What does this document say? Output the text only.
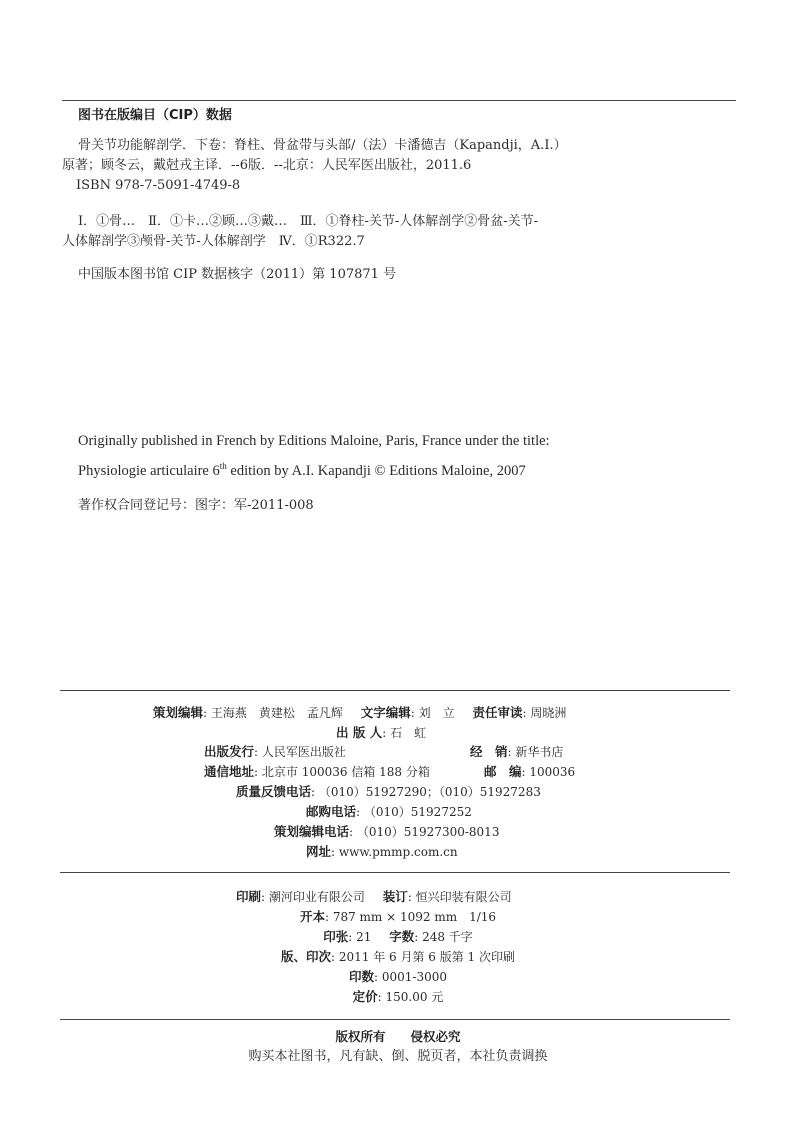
图书在版编目（CIP）数据
骨关节功能解剖学．下卷：脊柱、骨盆带与头部/（法）卡潘德吉（Kapandji，A.I.）
原著；顾冬云，戴尅戎主译．--6版．--北京：人民军医出版社，2011.6
ISBN 978-7-5091-4749-8
Ⅰ．①骨…　Ⅱ．①卡…②顾…③戴…　Ⅲ．①脊柱-关节-人体解剖学②骨盆-关节-
人体解剖学③颅骨-关节-人体解剖学　Ⅳ．①R322.7
中国版本图书馆 CIP 数据核字（2011）第 107871 号
Originally published in French by Editions Maloine, Paris, France under the title:
Physiologie articulaire 6th edition by A.I. Kapandji © Editions Maloine, 2007
著作权合同登记号：图字：军-2011-008
策划编辑: 王海燕　黄建松　孟凡辉 文字编辑: 刘　立 责任审读: 周晓洲
出 版 人: 石　虹
出版发行: 人民军医出版社	经　销: 新华书店
通信地址: 北京市 100036 信箱 188 分箱	邮　编: 100036
质量反馈电话: （010）51927290；（010）51927283
邮购电话: （010）51927252
策划编辑电话: （010）51927300-8013
网址: www.pmmp.com.cn
印刷: 潮河印业有限公司 装订: 恒兴印装有限公司
开本: 787 mm × 1092 mm　1/16
印张: 21 字数: 248 千字
版、印次: 2011 年 6 月第 6 版第 1 次印刷
印数: 0001-3000
定价: 150.00 元
版权所有　　侵权必究
购买本社图书，凡有缺、倒、脱页者，本社负责调换
